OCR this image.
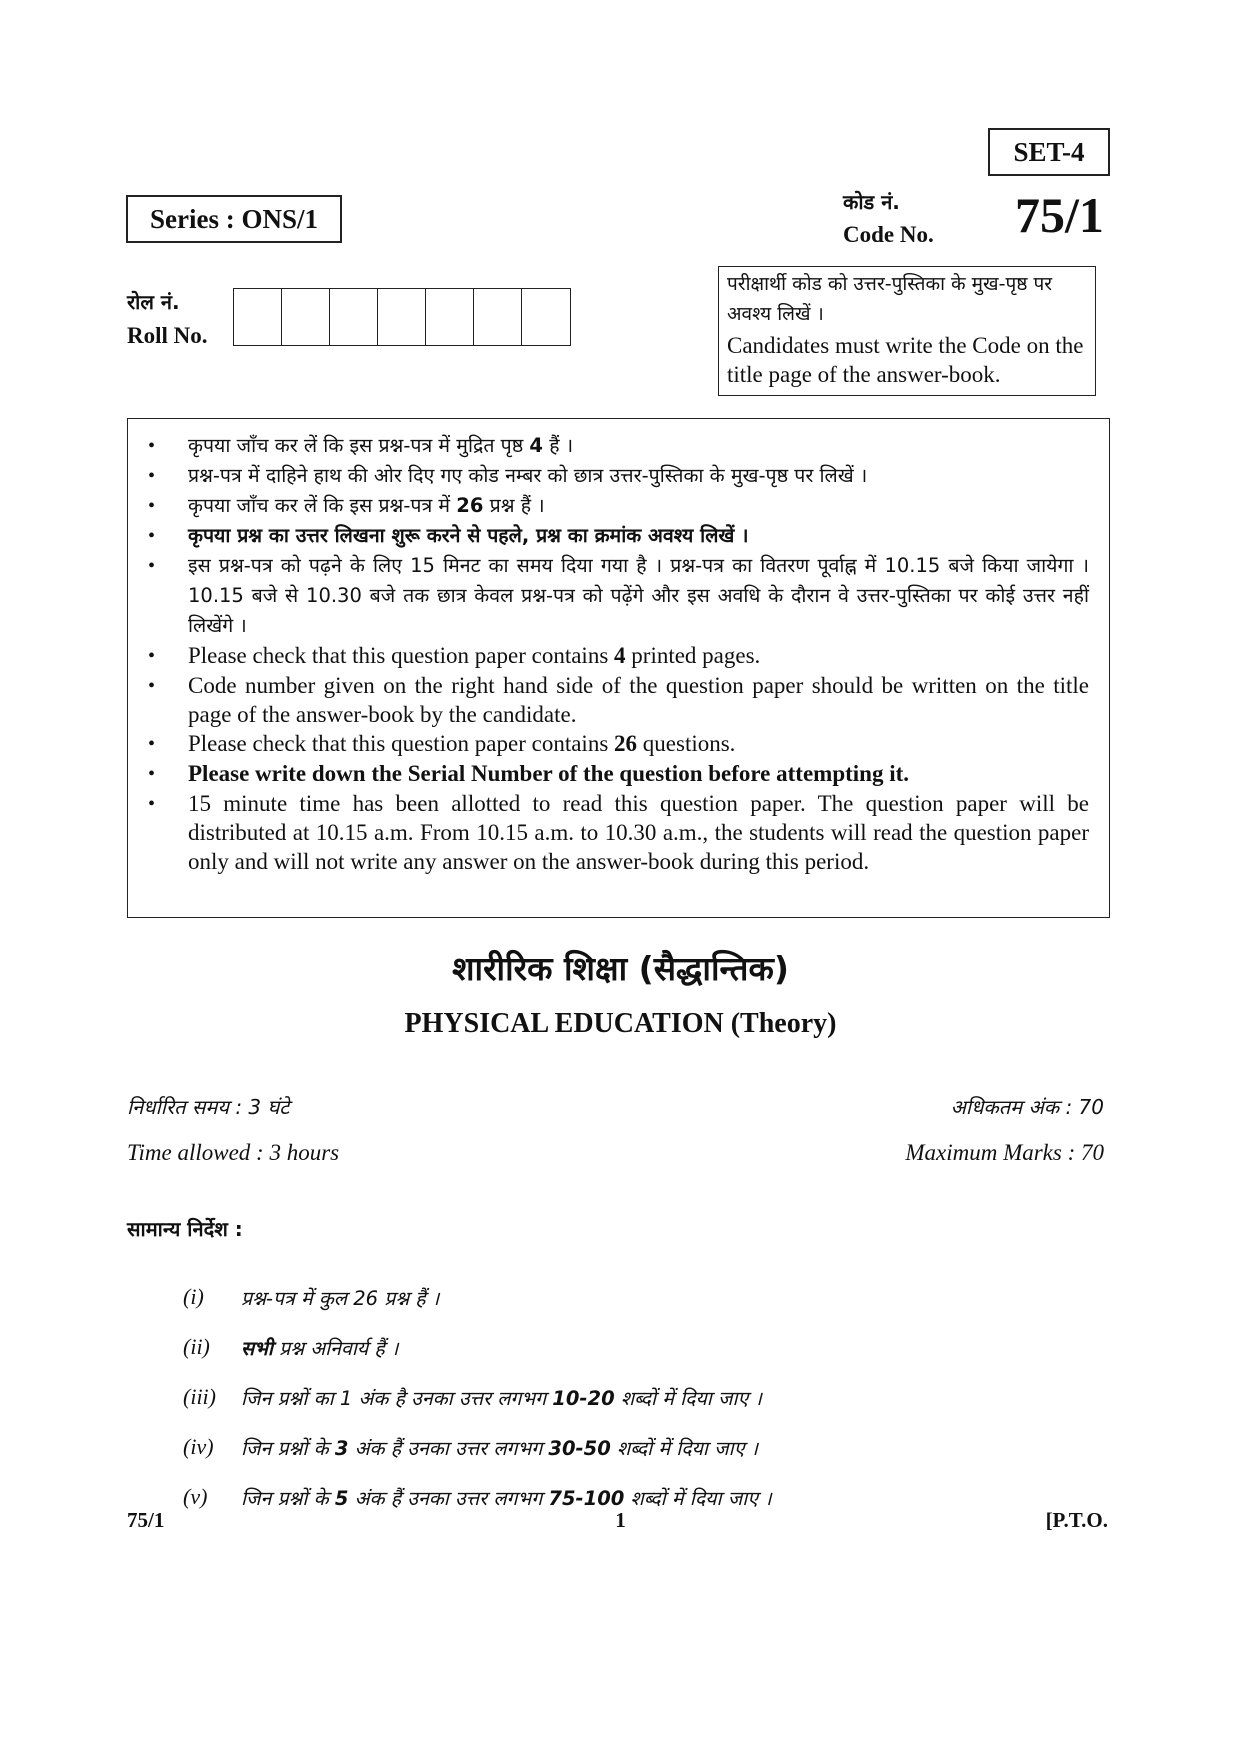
SET-4
Series : ONS/1
कोड नं.
Code No. 75/1
रोल नं.
Roll No.
परीक्षार्थी कोड को उत्तर-पुस्तिका के मुख-पृष्ठ पर अवश्य लिखें ।
Candidates must write the Code on the title page of the answer-book.
•	कृपया जाँच कर लें कि इस प्रश्न-पत्र में मुद्रित पृष्ठ 4 हैं ।
•	प्रश्न-पत्र में दाहिने हाथ की ओर दिए गए कोड नम्बर को छात्र उत्तर-पुस्तिका के मुख-पृष्ठ पर लिखें ।
•	कृपया जाँच कर लें कि इस प्रश्न-पत्र में 26 प्रश्न हैं ।
•	कृपया प्रश्न का उत्तर लिखना शुरू करने से पहले, प्रश्न का क्रमांक अवश्य लिखें ।
•	इस प्रश्न-पत्र को पढ़ने के लिए 15 मिनट का समय दिया गया है । प्रश्न-पत्र का वितरण पूर्वाह्न में 10.15 बजे किया जायेगा । 10.15 बजे से 10.30 बजे तक छात्र केवल प्रश्न-पत्र को पढ़ेंगे और इस अवधि के दौरान वे उत्तर-पुस्तिका पर कोई उत्तर नहीं लिखेंगे ।
•	Please check that this question paper contains 4 printed pages.
•	Code number given on the right hand side of the question paper should be written on the title page of the answer-book by the candidate.
•	Please check that this question paper contains 26 questions.
•	Please write down the Serial Number of the question before attempting it.
•	15 minute time has been allotted to read this question paper. The question paper will be distributed at 10.15 a.m. From 10.15 a.m. to 10.30 a.m., the students will read the question paper only and will not write any answer on the answer-book during this period.
शारीरिक शिक्षा (सैद्धान्तिक)
PHYSICAL EDUCATION (Theory)
निर्धारित समय : 3 घंटे	अधिकतम अंक : 70
Time allowed : 3 hours	Maximum Marks : 70
सामान्य निर्देश :
(i)	प्रश्न-पत्र में कुल 26 प्रश्न हैं ।
(ii)	सभी प्रश्न अनिवार्य हैं ।
(iii)	जिन प्रश्नों का 1 अंक है उनका उत्तर लगभग 10-20 शब्दों में दिया जाए ।
(iv)	जिन प्रश्नों के 3 अंक हैं उनका उत्तर लगभग 30-50 शब्दों में दिया जाए ।
(v)	जिन प्रश्नों के 5 अंक हैं उनका उत्तर लगभग 75-100 शब्दों में दिया जाए ।
75/1	1	[P.T.O.
